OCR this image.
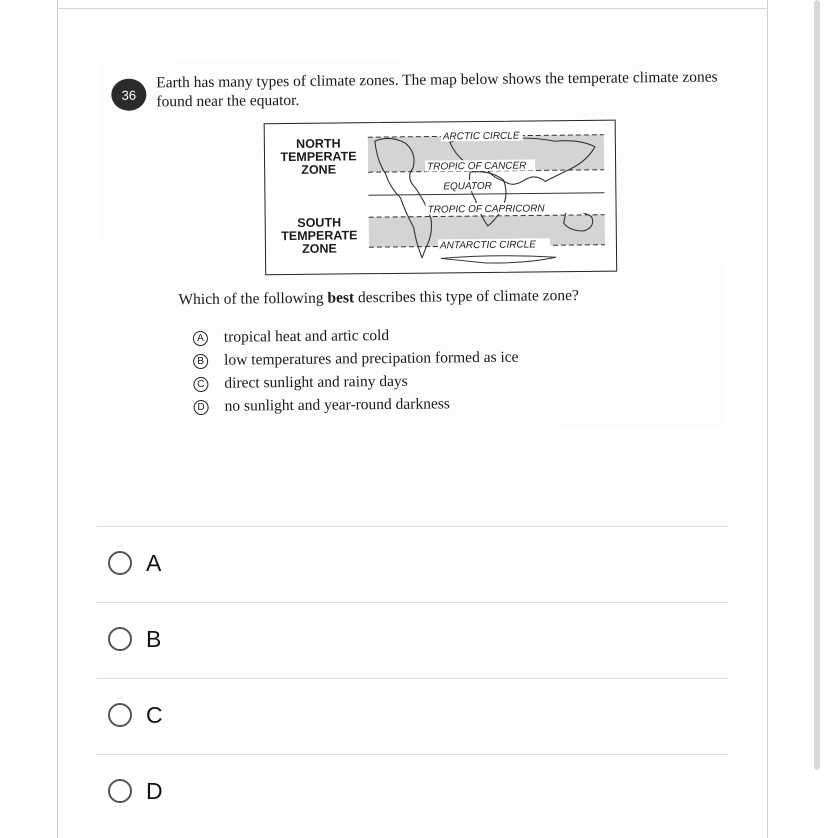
36
Earth has many types of climate zones. The map below shows the temperate climate zones found near the equator.
ARCTIC CIRCLE
TROPIC OF CANCER
EQUATOR
TROPIC OF CAPRICORN
ANTARCTIC CIRCLE
NORTH TEMPERATE ZONE
SOUTH TEMPERATE ZONE
Which of the following best describes this type of climate zone?
A tropical heat and artic cold
B low temperatures and precipation formed as ice
C direct sunlight and rainy days
D no sunlight and year-round darkness
A
B
C
D
